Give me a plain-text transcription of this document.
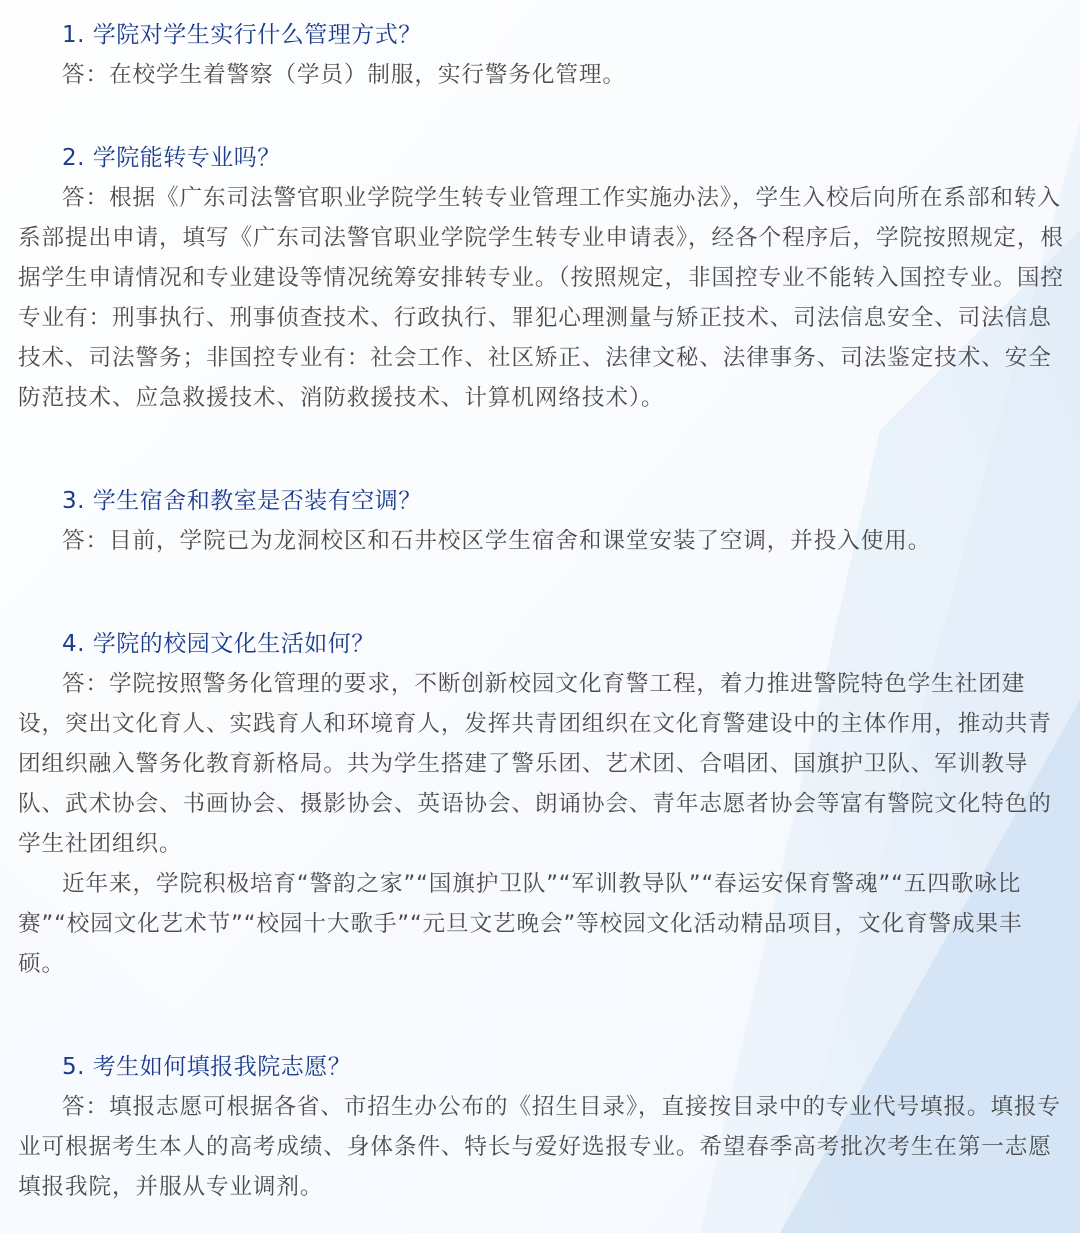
1. 学院对学生实行什么管理方式？

答：在校学生着警察（学员）制服，实行警务化管理。

2. 学院能转专业吗？

答：根据《广东司法警官职业学院学生转专业管理工作实施办法》，学生入校后向所在系部和转入系部提出申请，填写《广东司法警官职业学院学生转专业申请表》，经各个程序后，学院按照规定，根据学生申请情况和专业建设等情况统筹安排转专业。（按照规定，非国控专业不能转入国控专业。国控专业有：刑事执行、刑事侦查技术、行政执行、罪犯心理测量与矫正技术、司法信息安全、司法信息技术、司法警务；非国控专业有：社会工作、社区矫正、法律文秘、法律事务、司法鉴定技术、安全防范技术、应急救援技术、消防救援技术、计算机网络技术）。

3. 学生宿舍和教室是否装有空调？

答：目前，学院已为龙洞校区和石井校区学生宿舍和课堂安装了空调，并投入使用。

4. 学院的校园文化生活如何？

答：学院按照警务化管理的要求，不断创新校园文化育警工程，着力推进警院特色学生社团建设，突出文化育人、实践育人和环境育人，发挥共青团组织在文化育警建设中的主体作用，推动共青团组织融入警务化教育新格局。共为学生搭建了警乐团、艺术团、合唱团、国旗护卫队、军训教导队、武术协会、书画协会、摄影协会、英语协会、朗诵协会、青年志愿者协会等富有警院文化特色的学生社团组织。

近年来，学院积极培育“警韵之家”“国旗护卫队”“军训教导队”“春运安保育警魂”“五四歌咏比赛”“校园文化艺术节”“校园十大歌手”“元旦文艺晚会”等校园文化活动精品项目，文化育警成果丰硕。

5. 考生如何填报我院志愿？

答：填报志愿可根据各省、市招生办公布的《招生目录》，直接按目录中的专业代号填报。填报专业可根据考生本人的高考成绩、身体条件、特长与爱好选报专业。希望春季高考批次考生在第一志愿填报我院，并服从专业调剂。
